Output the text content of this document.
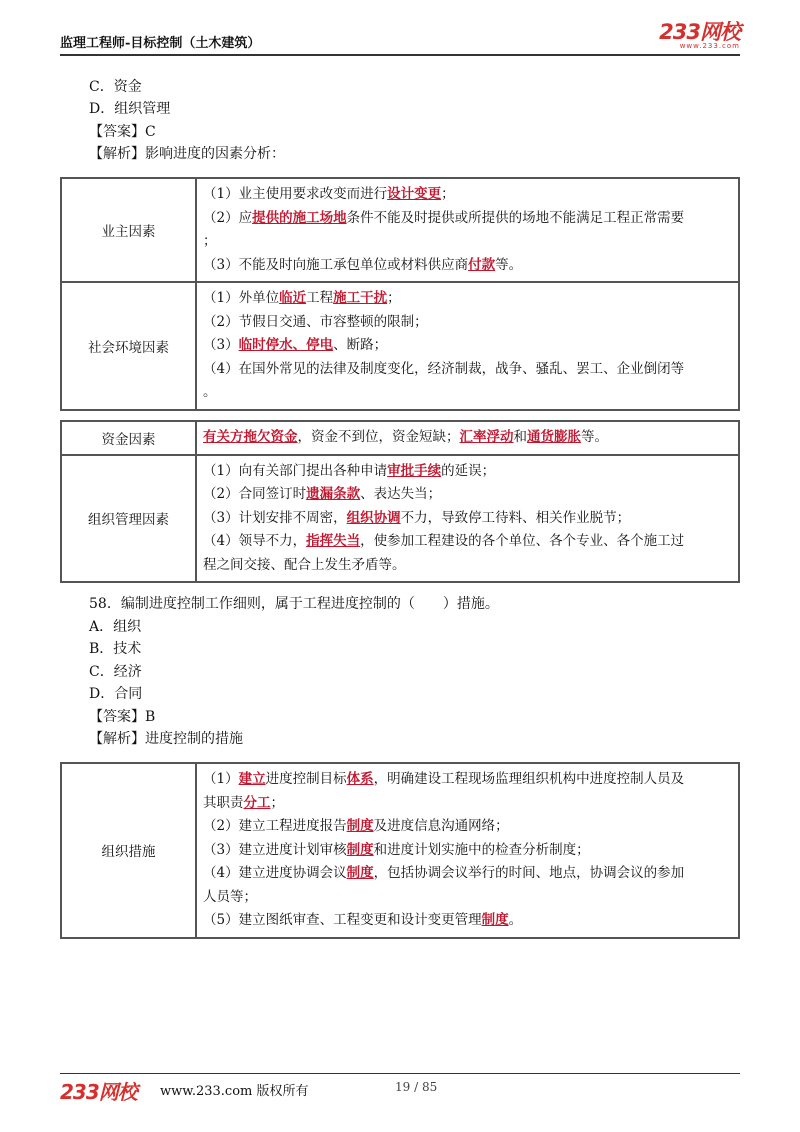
监理工程师-目标控制（土木建筑）	233网校
www.233.com
C．资金
D．组织管理
【答案】C
【解析】影响进度的因素分析：
业主因素	（1）业主使用要求改变而进行设计变更；
（2）应提供的施工场地条件不能及时提供或所提供的场地不能满足工程正常需要
；
（3）不能及时向施工承包单位或材料供应商付款等。

社会环境因素	（1）外单位临近工程施工干扰；
（2）节假日交通、市容整顿的限制；
（3）临时停水、停电、断路；
（4）在国外常见的法律及制度变化，经济制裁，战争、骚乱、罢工、企业倒闭等
。
资金因素	有关方拖欠资金，资金不到位，资金短缺；汇率浮动和通货膨胀等。

组织管理因素	（1）向有关部门提出各种申请审批手续的延误；
（2）合同签订时遗漏条款、表达失当；
（3）计划安排不周密，组织协调不力，导致停工待料、相关作业脱节；
（4）领导不力，指挥失当，使参加工程建设的各个单位、各个专业、各个施工过
程之间交接、配合上发生矛盾等。
58．编制进度控制工作细则，属于工程进度控制的（　　）措施。
A．组织
B．技术
C．经济
D．合同
【答案】B
【解析】进度控制的措施
组织措施	
（1）建立进度控制目标体系，明确建设工程现场监理组织机构中进度控制人员及
其职责分工；
（2）建立工程进度报告制度及进度信息沟通网络；
（3）建立进度计划审核制度和进度计划实施中的检查分析制度；
（4）建立进度协调会议制度，包括协调会议举行的时间、地点，协调会议的参加
人员等；
（5）建立图纸审查、工程变更和设计变更管理制度。
233网校 www.233.com 版权所有	19 / 85
